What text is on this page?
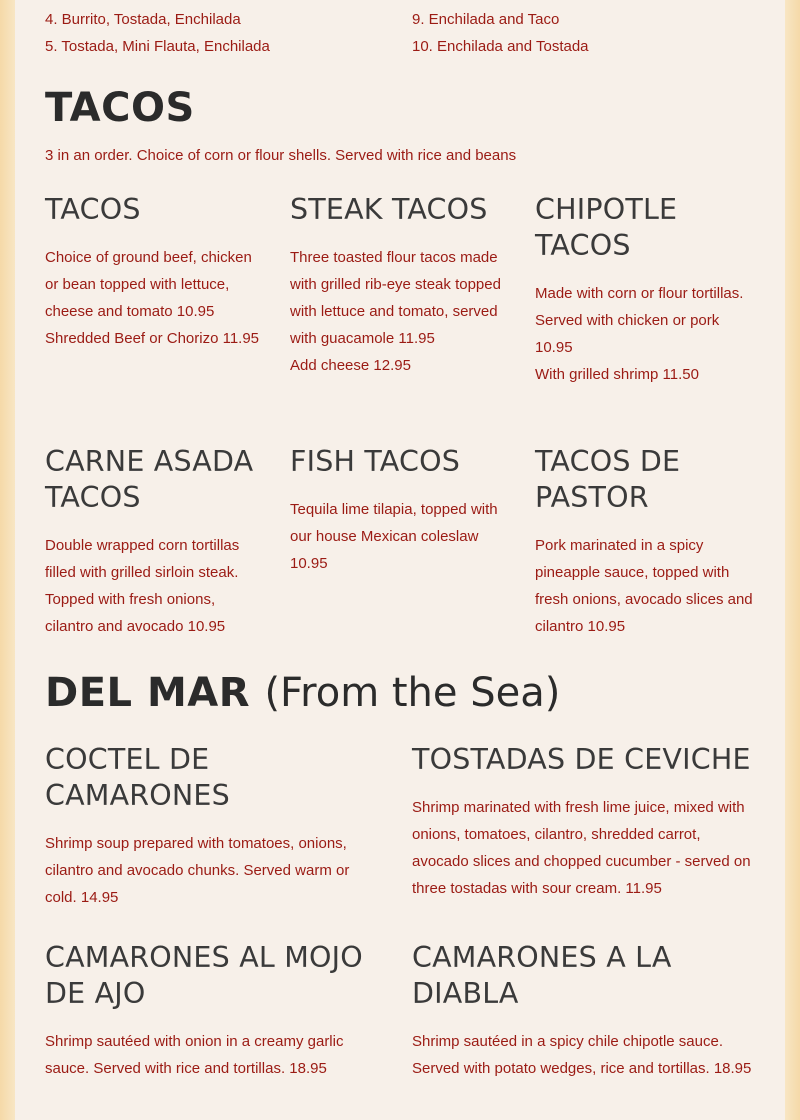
4. Burrito, Tostada, Enchilada

5. Tostada, Mini Flauta, Enchilada

9. Enchilada and Taco

10. Enchilada and Tostada

TACOS

3 in an order. Choice of corn or flour shells. Served with rice and beans

TACOS

Choice of ground beef, chicken or bean topped with lettuce, cheese and tomato 10.95

Shredded Beef or Chorizo 11.95

STEAK TACOS

Three toasted flour tacos made with grilled rib-eye steak topped with lettuce and tomato, served with guacamole 11.95

Add cheese 12.95

CHIPOTLE TACOS

Made with corn or flour tortillas.

Served with chicken or pork 10.95

With grilled shrimp 11.50

CARNE ASADA TACOS

Double wrapped corn tortillas filled with grilled sirloin steak. Topped with fresh onions, cilantro and avocado 10.95

FISH TACOS

Tequila lime tilapia, topped with our house Mexican coleslaw 10.95

TACOS DE PASTOR

Pork marinated in a spicy pineapple sauce, topped with fresh onions, avocado slices and cilantro 10.95

DEL MAR (From the Sea)
COCTEL DE CAMARONES

Shrimp soup prepared with tomatoes, onions, cilantro and avocado chunks. Served warm or cold. 14.95

TOSTADAS DE CEVICHE

Shrimp marinated with fresh lime juice, mixed with onions, tomatoes, cilantro, shredded carrot, avocado slices and chopped cucumber - served on three tostadas with sour cream. 11.95

CAMARONES AL MOJO DE AJO

Shrimp sautéed with onion in a creamy garlic sauce. Served with rice and tortillas. 18.95

CAMARONES A LA DIABLA

Shrimp sautéed in a spicy chile chipotle sauce. Served with potato wedges, rice and tortillas. 18.95
